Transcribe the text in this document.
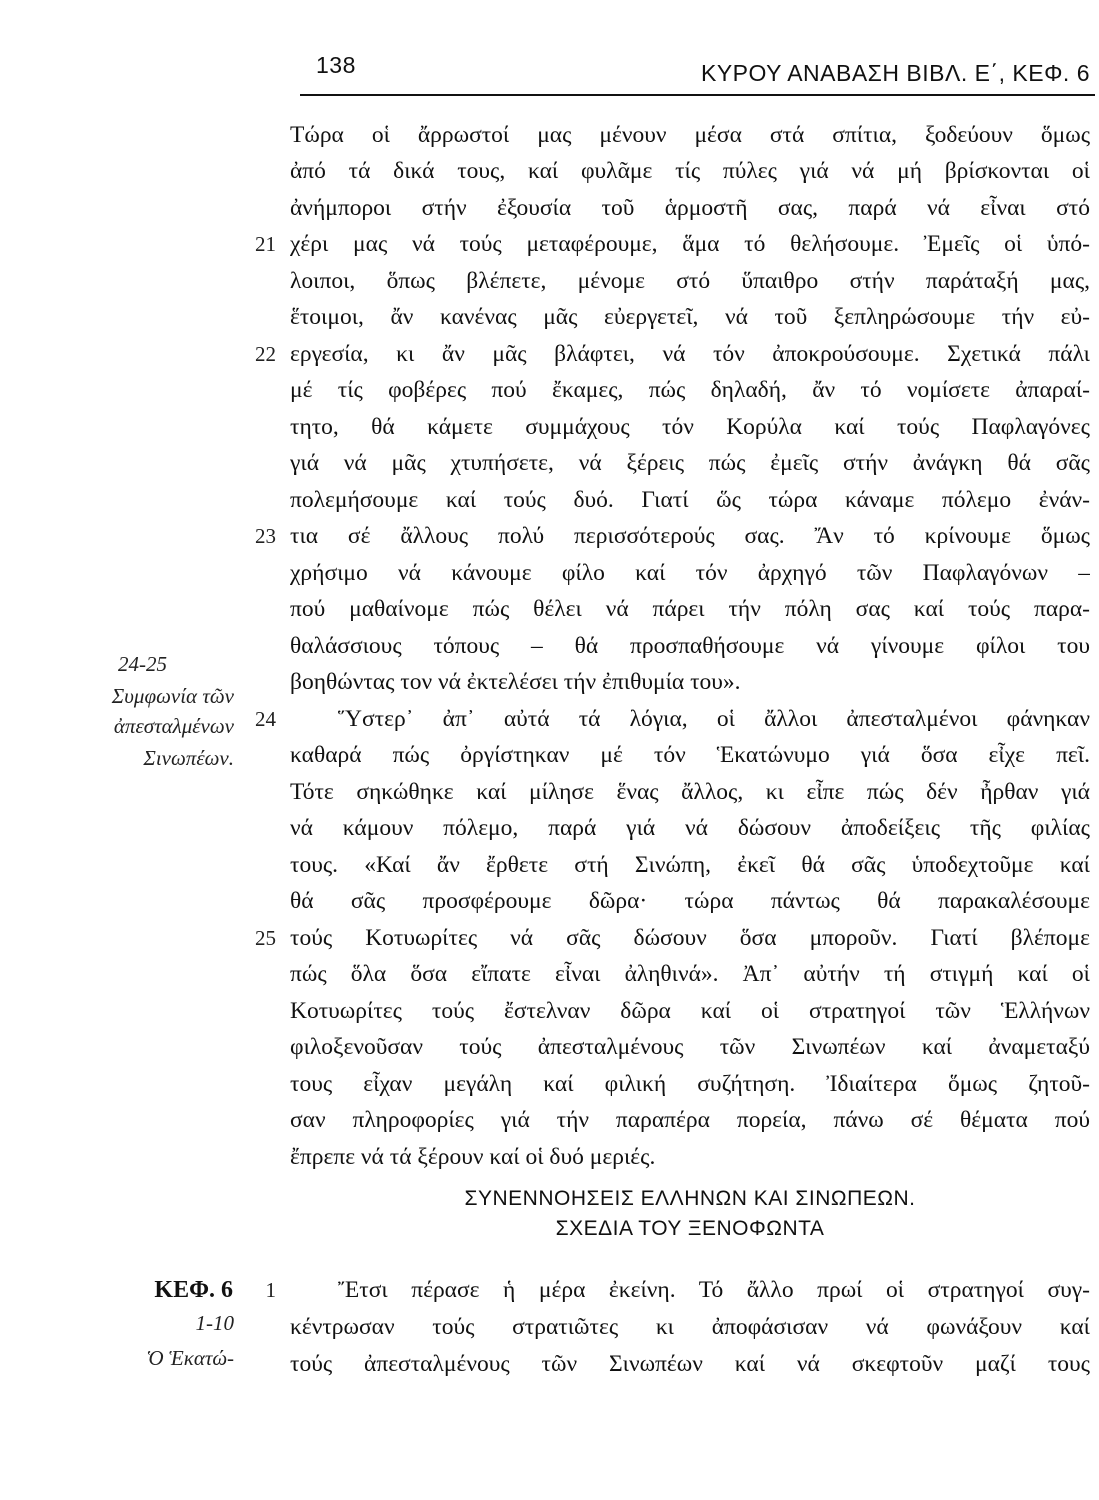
138	ΚΥΡΟΥ ΑΝΑΒΑΣΗ ΒΙΒΛ. Ε΄, ΚΕΦ. 6
Τώρα οἱ ἄρρωστοί μας μένουν μέσα στά σπίτια, ξοδεύουν ὅμως
ἀπό τά δικά τους, καί φυλᾶμε τίς πύλες γιά νά μή βρίσκονται οἱ
ἀνήμποροι στήν ἐξουσία τοῦ ἁρμοστῆ σας, παρά νά εἶναι στό
χέρι μας νά τούς μεταφέρουμε, ἅμα τό θελήσουμε. Ἐμεῖς οἱ ὑπό-
λοιποι, ὅπως βλέπετε, μένομε στό ὕπαιθρο στήν παράταξή μας,
ἕτοιμοι, ἄν κανένας μᾶς εὐεργετεῖ, νά τοῦ ξεπληρώσουμε τήν εὐ-
εργεσία, κι ἄν μᾶς βλάφτει, νά τόν ἀποκρούσουμε. Σχετικά πάλι
μέ τίς φοβέρες πού ἔκαμες, πώς δηλαδή, ἄν τό νομίσετε ἀπαραί-
τητο, θά κάμετε συμμάχους τόν Κορύλα καί τούς Παφλαγόνες
γιά νά μᾶς χτυπήσετε, νά ξέρεις πώς ἐμεῖς στήν ἀνάγκη θά σᾶς
πολεμήσουμε καί τούς δυό. Γιατί ὥς τώρα κάναμε πόλεμο ἐνάν-
τια σέ ἄλλους πολύ περισσότερούς σας. Ἄν τό κρίνουμε ὅμως
χρήσιμο νά κάνουμε φίλο καί τόν ἀρχηγό τῶν Παφλαγόνων –
πού μαθαίνομε πώς θέλει νά πάρει τήν πόλη σας καί τούς παρα-
θαλάσσιους τόπους – θά προσπαθήσουμε νά γίνουμε φίλοι του
βοηθώντας τον νά ἐκτελέσει τήν ἐπιθυμία του».
Ὕστερ᾽ ἀπ᾽ αὐτά τά λόγια, οἱ ἄλλοι ἀπεσταλμένοι φάνηκαν
καθαρά πώς ὀργίστηκαν μέ τόν Ἑκατώνυμο γιά ὅσα εἶχε πεῖ.
Τότε σηκώθηκε καί μίλησε ἕνας ἄλλος, κι εἶπε πώς δέν ἦρθαν γιά
νά κάμουν πόλεμο, παρά γιά νά δώσουν ἀποδείξεις τῆς φιλίας
τους. «Καί ἄν ἔρθετε στή Σινώπη, ἐκεῖ θά σᾶς ὑποδεχτοῦμε καί
θά σᾶς προσφέρουμε δῶρα· τώρα πάντως θά παρακαλέσουμε
τούς Κοτυωρίτες νά σᾶς δώσουν ὅσα μποροῦν. Γιατί βλέπομε
πώς ὅλα ὅσα εἴπατε εἶναι ἀληθινά». Ἀπ᾽ αὐτήν τή στιγμή καί οἱ
Κοτυωρίτες τούς ἔστελναν δῶρα καί οἱ στρατηγοί τῶν Ἑλλήνων
φιλοξενοῦσαν τούς ἀπεσταλμένους τῶν Σινωπέων καί ἀναμεταξύ
τους εἶχαν μεγάλη καί φιλική συζήτηση. Ἰδιαίτερα ὅμως ζητοῦ-
σαν πληροφορίες γιά τήν παραπέρα πορεία, πάνω σέ θέματα πού
ἔπρεπε νά τά ξέρουν καί οἱ δυό μεριές.
21
22
23
24
25
24-25
Συμφωνία τῶν
ἀπεσταλμένων
Σινωπέων.
ΣΥΝΕΝΝΟΗΣΕΙΣ ΕΛΛΗΝΩΝ ΚΑΙ ΣΙΝΩΠΕΩΝ.
ΣΧΕΔΙΑ ΤΟΥ ΞΕΝΟΦΩΝΤΑ
ΚΕΦ. 6
1-10
Ὁ Ἑκατώ-
1	Ἔτσι πέρασε ἡ μέρα ἐκείνη. Τό ἄλλο πρωί οἱ στρατηγοί συγ-
κέντρωσαν τούς στρατιῶτες κι ἀποφάσισαν νά φωνάξουν καί
τούς ἀπεσταλμένους τῶν Σινωπέων καί νά σκεφτοῦν μαζί τους
